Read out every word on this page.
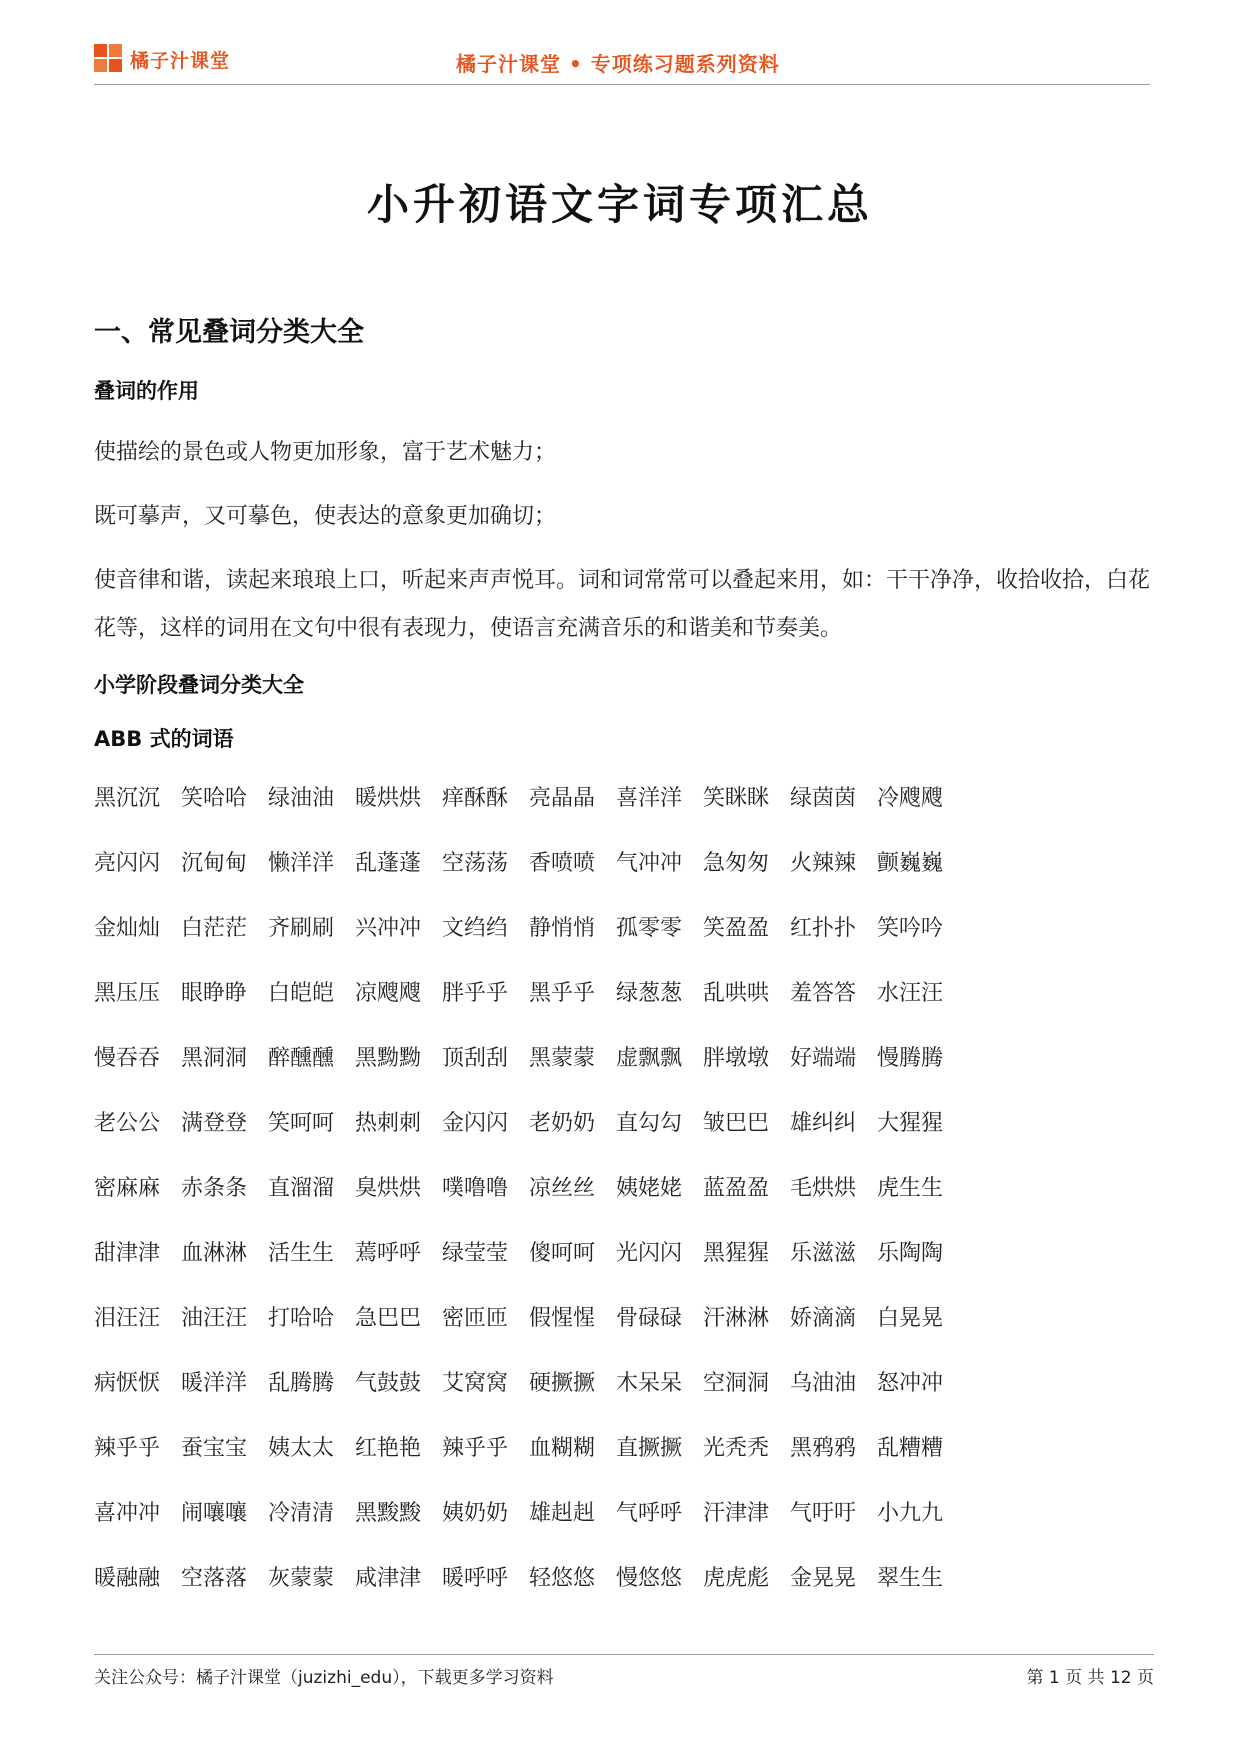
橘子汁课堂	橘子汁课堂 • 专项练习题系列资料
小升初语文字词专项汇总
一、常见叠词分类大全
叠词的作用
使描绘的景色或人物更加形象，富于艺术魅力；
既可摹声，又可摹色，使表达的意象更加确切；
使音律和谐，读起来琅琅上口，听起来声声悦耳。词和词常常可以叠起来用，如：干干净净，收拾收拾，白花花等，这样的词用在文句中很有表现力，使语言充满音乐的和谐美和节奏美。
小学阶段叠词分类大全
ABB 式的词语
黑沉沉 笑哈哈 绿油油 暖烘烘 痒酥酥 亮晶晶 喜洋洋 笑眯眯 绿茵茵 冷飕飕
亮闪闪 沉甸甸 懒洋洋 乱蓬蓬 空荡荡 香喷喷 气冲冲 急匆匆 火辣辣 颤巍巍
金灿灿 白茫茫 齐刷刷 兴冲冲 文绉绉 静悄悄 孤零零 笑盈盈 红扑扑 笑吟吟
黑压压 眼睁睁 白皑皑 凉飕飕 胖乎乎 黑乎乎 绿葱葱 乱哄哄 羞答答 水汪汪
慢吞吞 黑洞洞 醉醺醺 黑黝黝 顶刮刮 黑蒙蒙 虚飘飘 胖墩墩 好端端 慢腾腾
老公公 满登登 笑呵呵 热刺刺 金闪闪 老奶奶 直勾勾 皱巴巴 雄纠纠 大猩猩
密麻麻 赤条条 直溜溜 臭烘烘 噗噜噜 凉丝丝 姨姥姥 蓝盈盈 毛烘烘 虎生生
甜津津 血淋淋 活生生 蔫呼呼 绿莹莹 傻呵呵 光闪闪 黑猩猩 乐滋滋 乐陶陶
泪汪汪 油汪汪 打哈哈 急巴巴 密匝匝 假惺惺 骨碌碌 汗淋淋 娇滴滴 白晃晃
病恹恹 暖洋洋 乱腾腾 气鼓鼓 艾窝窝 硬撅撅 木呆呆 空洞洞 乌油油 怒冲冲
辣乎乎 蚕宝宝 姨太太 红艳艳 辣乎乎 血糊糊 直撅撅 光秃秃 黑鸦鸦 乱糟糟
喜冲冲 闹嚷嚷 冷清清 黑黢黢 姨奶奶 雄赳赳 气呼呼 汗津津 气吁吁 小九九
暖融融 空落落 灰蒙蒙 咸津津 暖呼呼 轻悠悠 慢悠悠 虎虎彪 金晃晃 翠生生
关注公众号：橘子汁课堂（juzizhi_edu），下载更多学习资料	第 1 页 共 12 页
